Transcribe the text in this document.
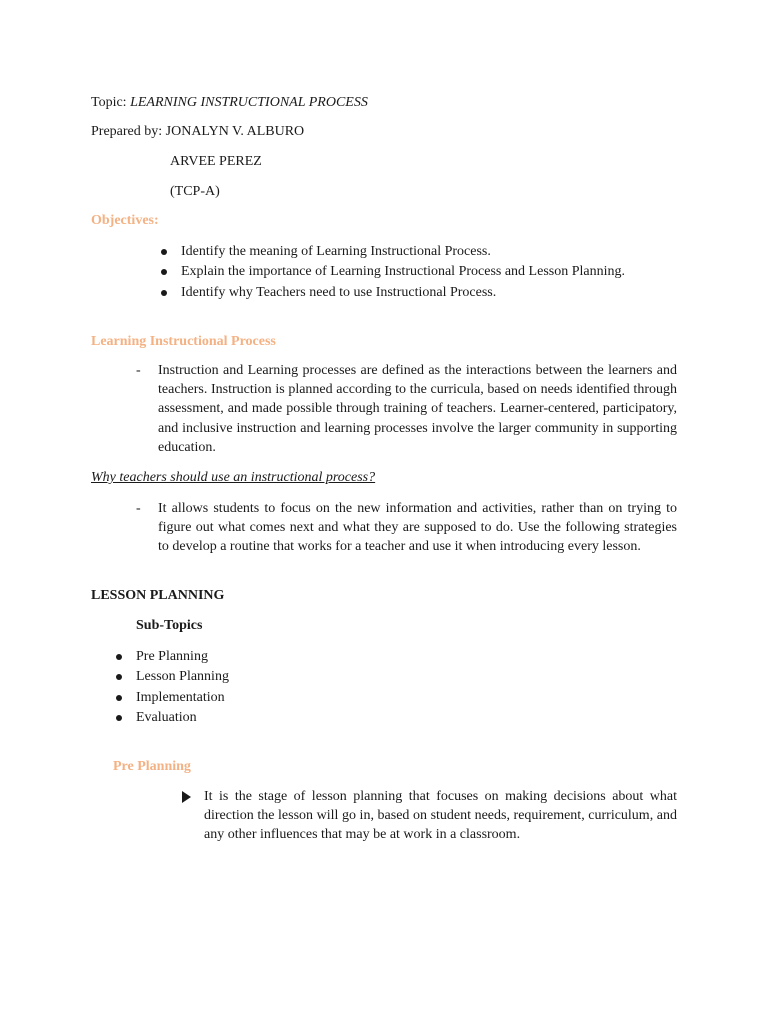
Topic: LEARNING INSTRUCTIONAL PROCESS
Prepared by: JONALYN V. ALBURO
ARVEE PEREZ
(TCP-A)
Objectives:
Identify the meaning of Learning Instructional Process.
Explain the importance of Learning Instructional Process and Lesson Planning.
Identify why Teachers need to use Instructional Process.
Learning Instructional Process
- Instruction and Learning processes are defined as the interactions between the learners and teachers. Instruction is planned according to the curricula, based on needs identified through assessment, and made possible through training of teachers. Learner-centered, participatory, and inclusive instruction and learning processes involve the larger community in supporting education.
Why teachers should use an instructional process?
- It allows students to focus on the new information and activities, rather than on trying to figure out what comes next and what they are supposed to do. Use the following strategies to develop a routine that works for a teacher and use it when introducing every lesson.
LESSON PLANNING
Sub-Topics
Pre Planning
Lesson Planning
Implementation
Evaluation
Pre Planning
It is the stage of lesson planning that focuses on making decisions about what direction the lesson will go in, based on student needs, requirement, curriculum, and any other influences that may be at work in a classroom.
